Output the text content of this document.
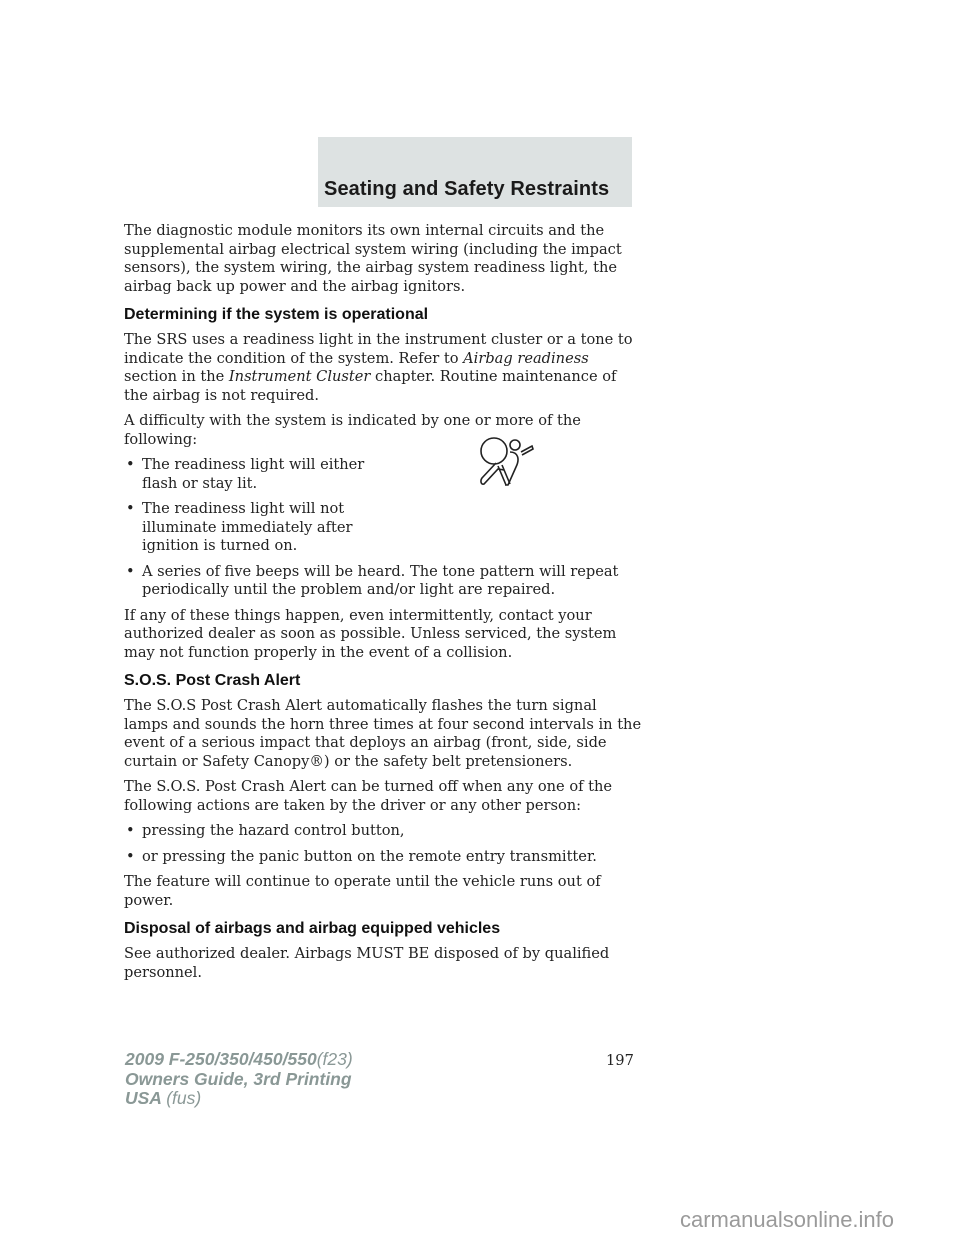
Seating and Safety Restraints

The diagnostic module monitors its own internal circuits and the supplemental airbag electrical system wiring (including the impact sensors), the system wiring, the airbag system readiness light, the airbag back up power and the airbag ignitors.

Determining if the system is operational

The SRS uses a readiness light in the instrument cluster or a tone to indicate the condition of the system. Refer to Airbag readiness section in the Instrument Cluster chapter. Routine maintenance of the airbag is not required.

A difficulty with the system is indicated by one or more of the following:

• The readiness light will either flash or stay lit.
• The readiness light will not illuminate immediately after ignition is turned on.
• A series of five beeps will be heard. The tone pattern will repeat periodically until the problem and/or light are repaired.

If any of these things happen, even intermittently, contact your authorized dealer as soon as possible. Unless serviced, the system may not function properly in the event of a collision.

S.O.S. Post Crash Alert

The S.O.S Post Crash Alert automatically flashes the turn signal lamps and sounds the horn three times at four second intervals in the event of a serious impact that deploys an airbag (front, side, side curtain or Safety Canopy®) or the safety belt pretensioners.

The S.O.S. Post Crash Alert can be turned off when any one of the following actions are taken by the driver or any other person:

• pressing the hazard control button,
• or pressing the panic button on the remote entry transmitter.

The feature will continue to operate until the vehicle runs out of power.

Disposal of airbags and airbag equipped vehicles

See authorized dealer. Airbags MUST BE disposed of by qualified personnel.

197
2009 F-250/350/450/550(f23)
Owners Guide, 3rd Printing
USA (fus)
carmanualsonline.info
